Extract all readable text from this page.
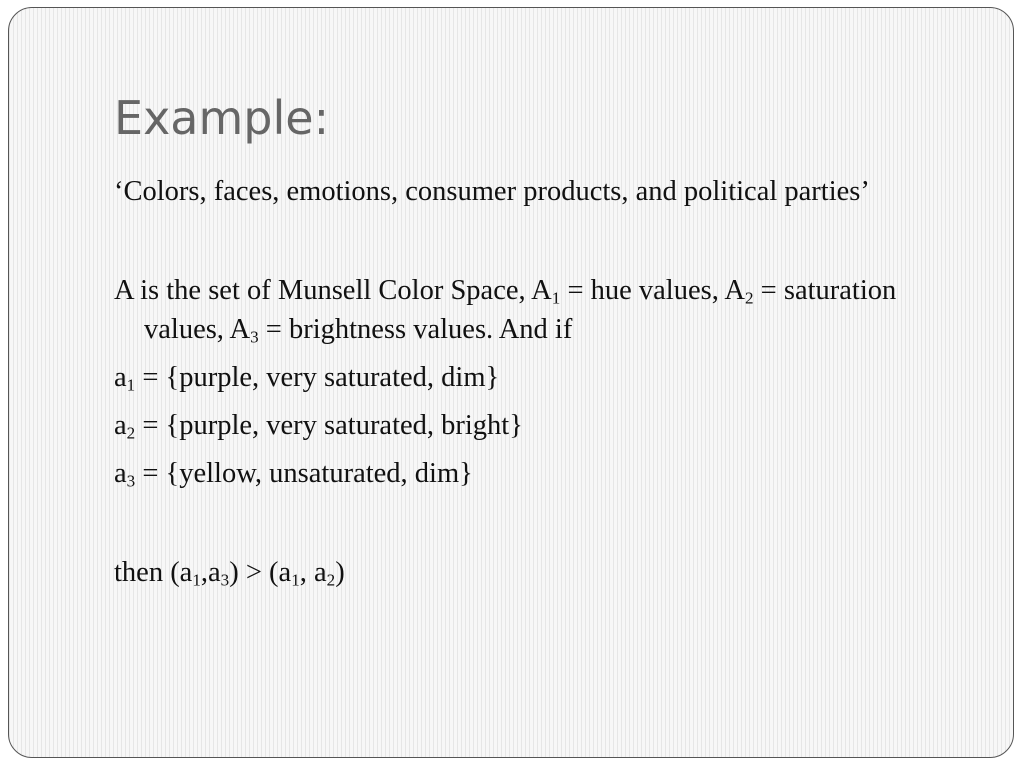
Example:

‘Colors, faces, emotions, consumer products, and political parties’

A is the set of Munsell Color Space, $A_1$ = hue values, $A_2$ = saturation values, $A_3$ = brightness values. And if

$a_1$ = {purple, very saturated, dim}

$a_2$ = {purple, very saturated, bright}

$a_3$ = {yellow, unsaturated, dim}

then $(a_1,a_3) > (a_1$, $a_2$)
